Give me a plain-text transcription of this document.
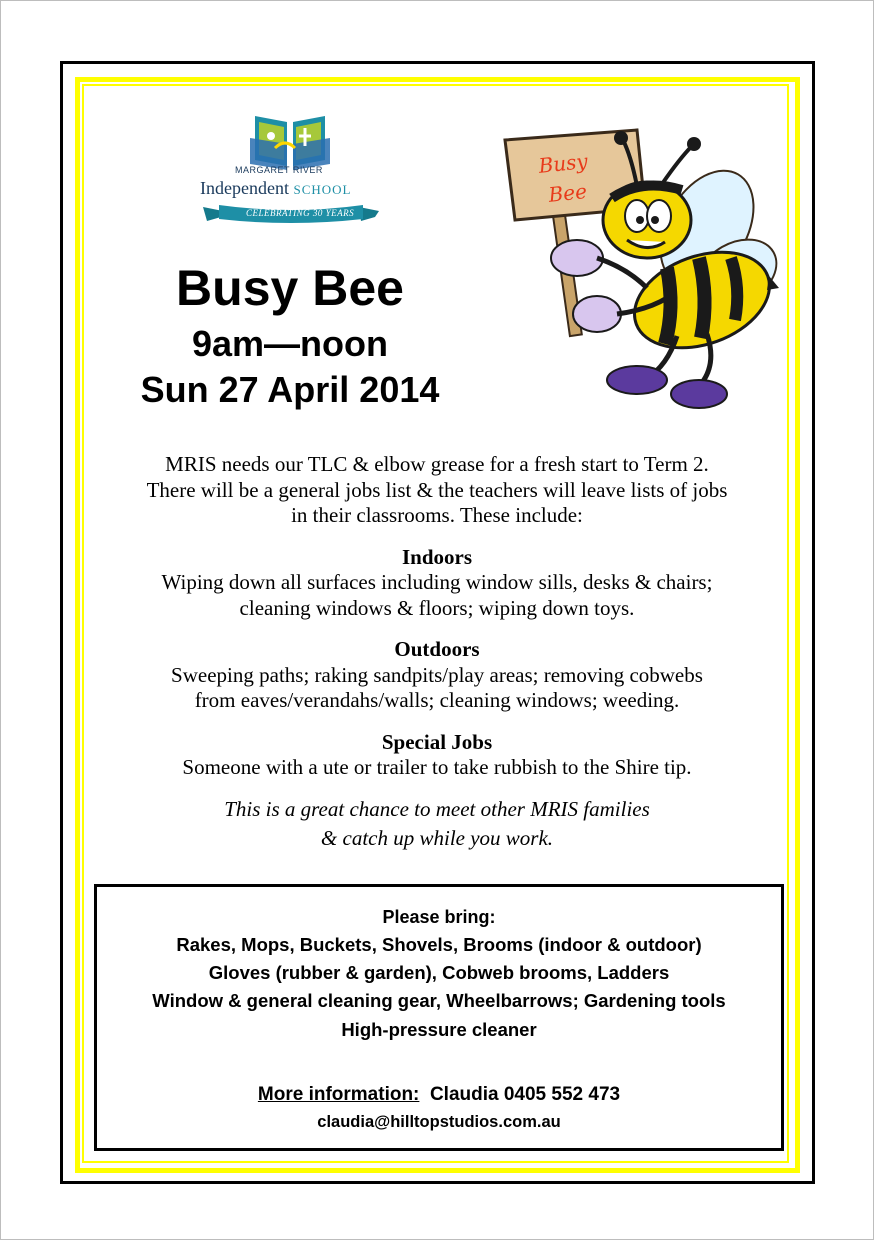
MARGARET RIVER
Independent SCHOOL
CELEBRATING 30 YEARS
Busy
Bee
Busy Bee
9am—noon
Sun 27 April 2014

MRIS needs our TLC & elbow grease for a fresh start to Term 2.

There will be a general jobs list & the teachers will leave lists of jobs

in their classrooms. These include:

Indoors

Wiping down all surfaces including window sills, desks & chairs;

cleaning windows & floors; wiping down toys.

Outdoors

Sweeping paths; raking sandpits/play areas; removing cobwebs

from eaves/verandahs/walls; cleaning windows; weeding.

Special Jobs

Someone with a ute or trailer to take rubbish to the Shire tip.

This is a great chance to meet other MRIS families

& catch up while you work.

Please bring:

Rakes, Mops, Buckets, Shovels, Brooms (indoor & outdoor)

Gloves (rubber & garden), Cobweb brooms, Ladders

Window & general cleaning gear, Wheelbarrows; Gardening tools

High-pressure cleaner

More information: Claudia 0405 552 473

claudia@hilltopstudios.com.au
